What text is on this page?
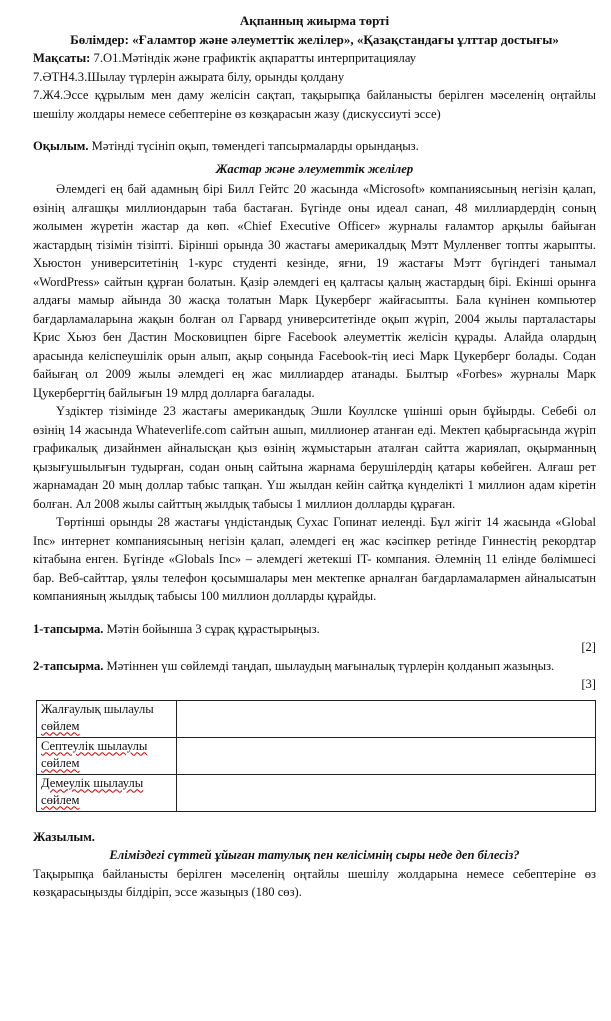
Ақпанның жиырма төрті
Бөлімдер: «Ғаламтор және әлеуметтік желілер», «Қазақстандағы ұлттар достығы»

Мақсаты: 7.О1.Мәтіндік және графиктік ақпаратты интерпритациялау

7.ӘТН4.3.Шылау түрлерін ажырата білу, орынды қолдану

7.Ж4.Эссе құрылым мен даму желісін сақтап, тақырыпқа байланысты берілген мәселенің оңтайлы шешілу жолдары немесе себептеріне өз көзқарасын жазу (дискуссиуті эссе)

Оқылым. Мәтінді түсініп оқып, төмендегі тапсырмаларды орындаңыз.

Жастар және әлеуметтік желілер

Әлемдегі ең бай адамның бірі Билл Гейтс 20 жасында «Microsoft» компаниясының негізін қалап, өзінің алғашқы миллиондарын таба бастаған. Бүгінде оны идеал санап, 48 миллиардердің соның жолымен жүретін жастар да көп. «Chief Executive Officer» журналы ғаламтор арқылы байыған жастардың тізімін тізіпті. Бірінші орында 30 жастағы америкалдық Мэтт Мулленвег топты жарыпты. Хьюстон университетінің 1-курс студенті кезінде, яғни, 19 жастағы Мэтт бүгіндегі танымал «WordPress» сайтын құрған болатын. Қазір әлемдегі ең қалтасы қалың жастардың бірі. Екінші орынға алдағы мамыр айында 30 жасқа толатын Марк Цукерберг жайғасыпты. Бала күнінен компьютер бағдарламаларына жақын болған ол Гарвард университетінде оқып жүріп, 2004 жылы парталастары Крис Хьюз бен Дастин Московицпен бірге Facebook әлеуметтік желісін құрады. Алайда олардың арасында келіспеушілік орын алып, ақыр соңында Facebook-тің иесі Марк Цукерберг болады. Содан байығаң ол 2009 жылы әлемдегі ең жас миллиардер атанады. Былтыр «Forbes» журналы Марк Цукербергтің байлығын 19 млрд долларға бағалады.

Үздіктер тізімінде 23 жастағы американдық Эшли Коуллске үшінші орын бұйырды. Себебі ол өзінің 14 жасында Whateverlife.com сайтын ашып, миллионер атанған еді. Мектеп қабырғасында жүріп графикалық дизайнмен айналысқан қыз өзінің жұмыстарын аталған сайтта жариялап, оқырманның қызығушылығын тудырған, содан оның сайтына жарнама берушілердің қатары көбейген. Алғаш рет жарнамадан 20 мың доллар табыс тапқан. Үш жылдан кейін сайтқа күнделікті 1 миллион адам кіретін болған. Ал 2008 жылы сайттың жылдық табысы 1 миллион долларды құраған.

Төртінші орынды 28 жастағы үндістандық Сухас Гопинат иеленді. Бұл жігіт 14 жасында «Global Inc» интернет компаниясының негізін қалап, әлемдегі ең жас кәсіпкер ретінде Гиннестің рекордтар кітабына енген. Бүгінде «Globals Inc» – әлемдегі жетекші IT- компания. Әлемнің 11 елінде бөлімшесі бар. Веб-сайттар, ұялы телефон қосымшалары мен мектепке арналған бағдарламалармен айналысатын компанияның жылдық табысы 100 миллион долларды құрайды.

1-тапсырма. Мәтін бойынша 3 сұрақ құрастырыңыз.

[2]

2-тапсырма. Мәтіннен үш сөйлемді таңдап, шылаудың мағыналық түрлерін қолданып жазыңыз.

[3]

Жалғаулық шылаулы
сөйлем	
Септеулік шылаулы
сөйлем	
Демеулік шылаулы
сөйлем	

Жазылым.

Еліміздегі сүттей ұйыған татулық пен келісімнің сыры неде деп білесіз?

Тақырыпқа байланысты берілген мәселенің оңтайлы шешілу жолдарына немесе себептеріне өз көзқарасыңызды білдіріп, эссе жазыңыз (180 сөз).
